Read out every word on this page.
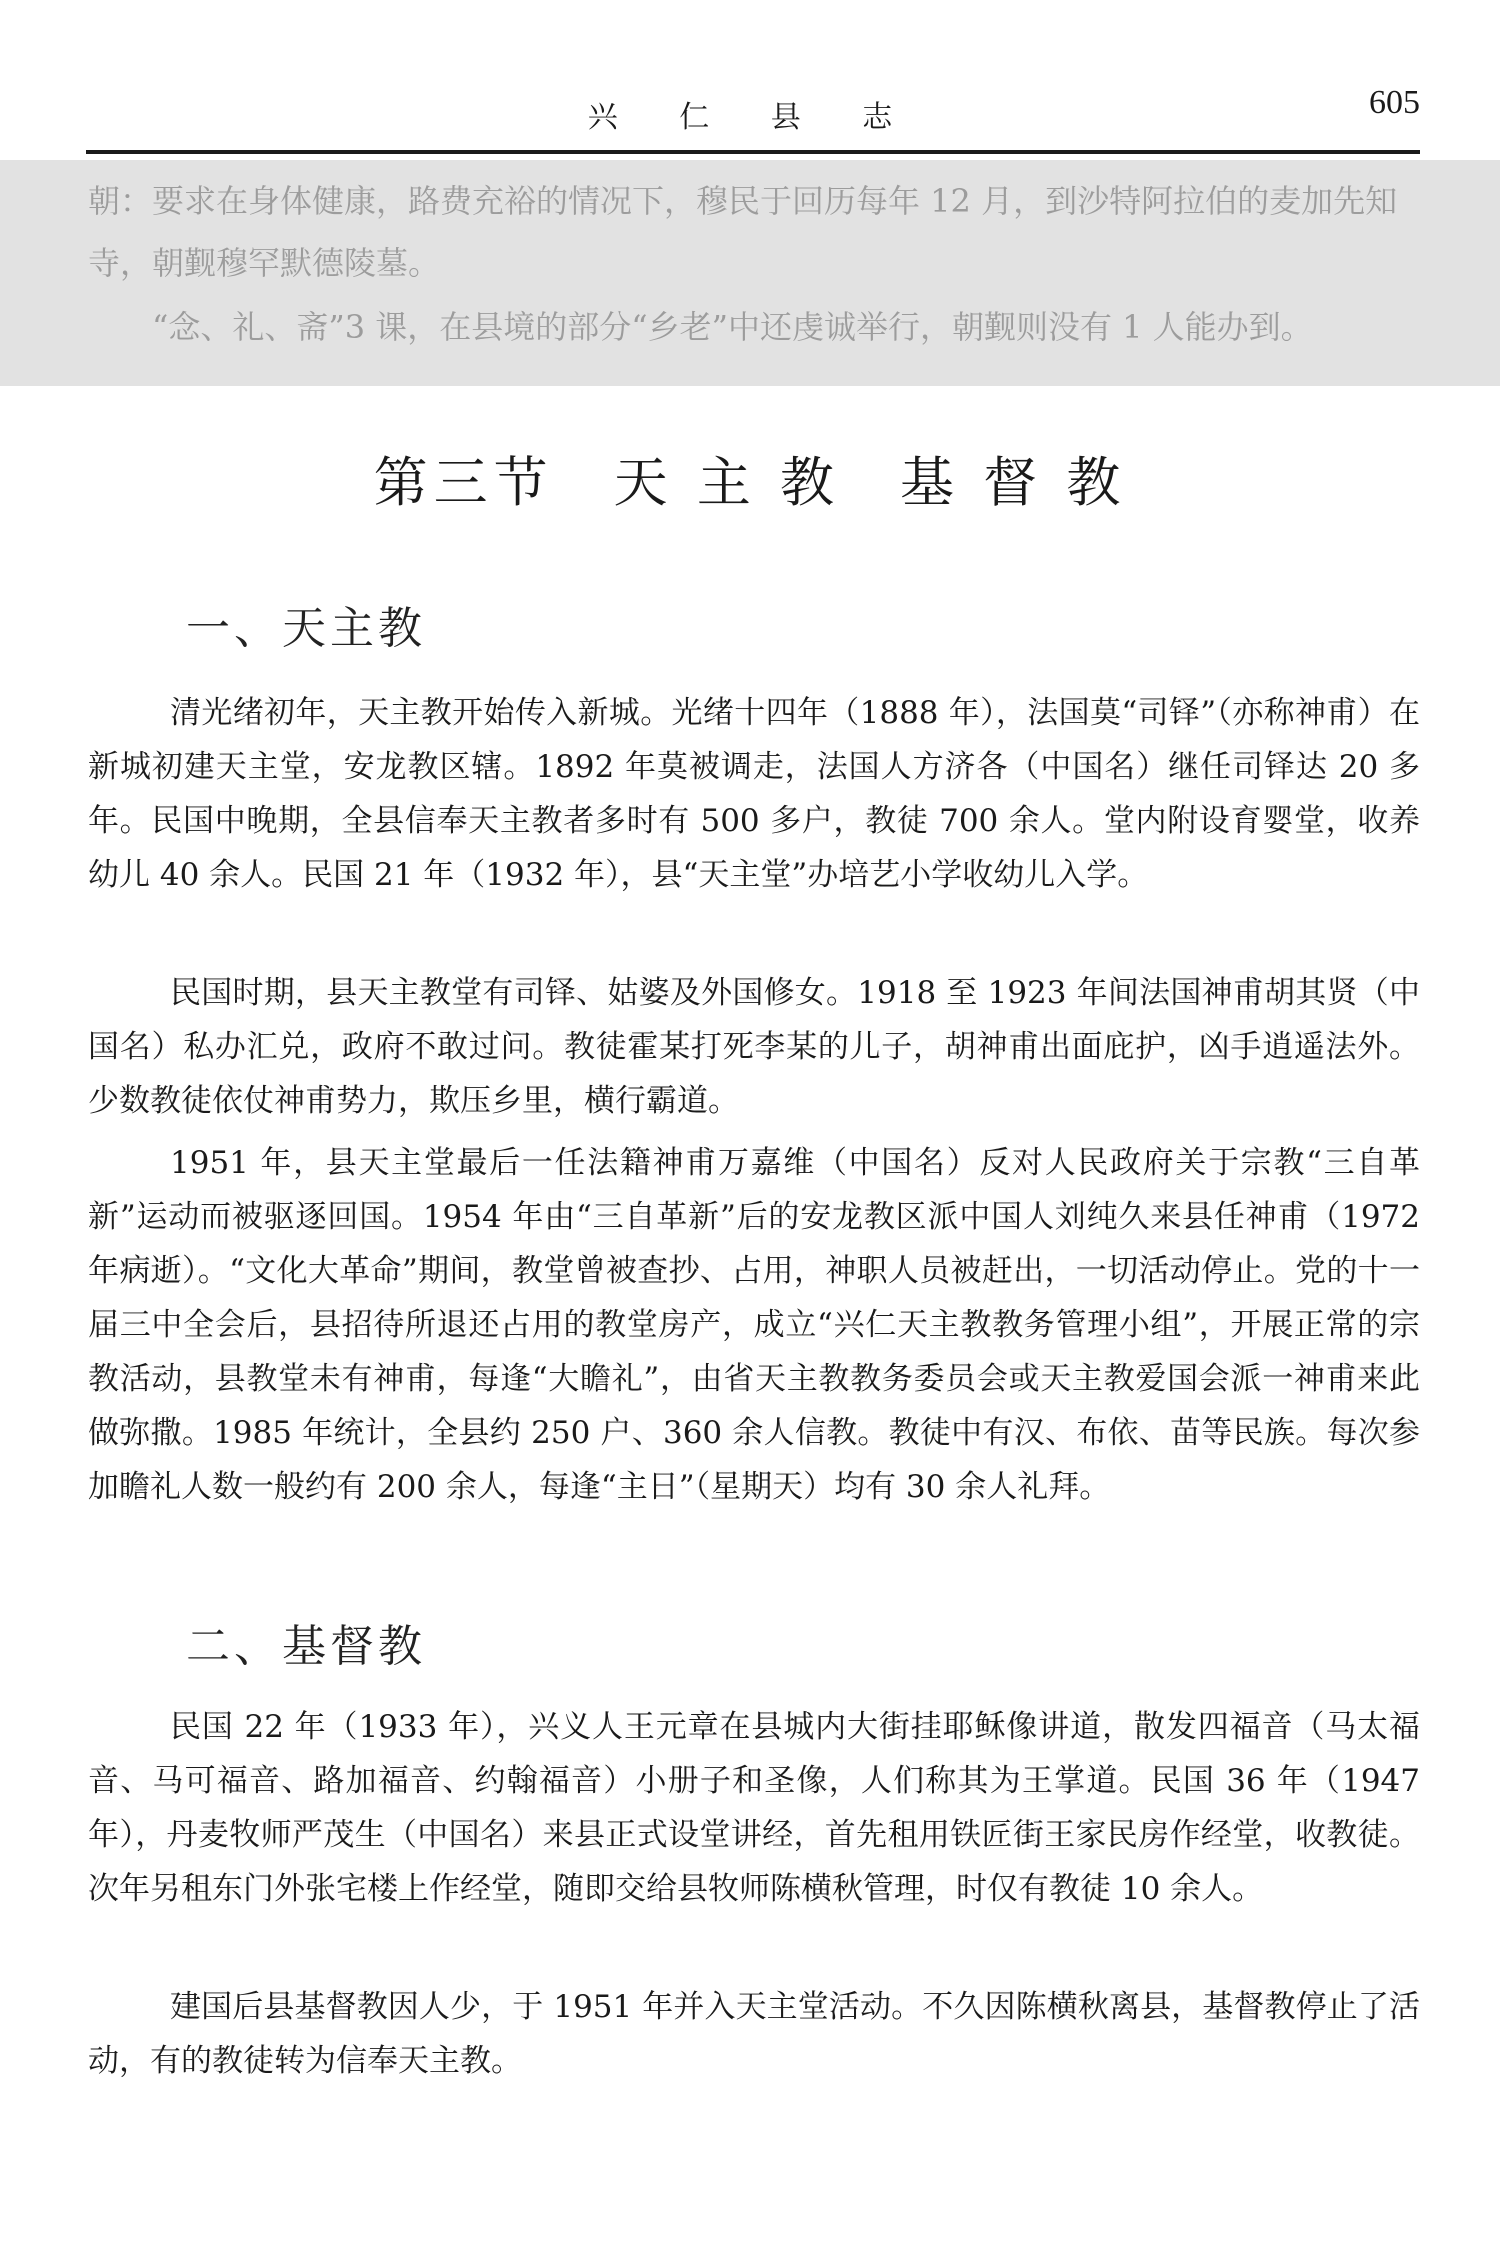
兴 仁 县 志	605

朝：要求在身体健康，路费充裕的情况下，穆民于回历每年 12 月，到沙特阿拉伯的麦加先知寺，朝觐穆罕默德陵墓。

“念、礼、斋”3 课，在县境的部分“乡老”中还虔诚举行，朝觐则没有 1 人能办到。

第三节　天 主 教　基 督 教
一、天主教

清光绪初年，天主教开始传入新城。光绪十四年（1888 年），法国莫“司铎”（亦称神甫）在新城初建天主堂，安龙教区辖。1892 年莫被调走，法国人方济各（中国名）继任司铎达 20 多年。民国中晚期，全县信奉天主教者多时有 500 多户，教徒 700 余人。堂内附设育婴堂，收养幼儿 40 余人。民国 21 年（1932 年），县“天主堂”办培艺小学收幼儿入学。

民国时期，县天主教堂有司铎、姑婆及外国修女。1918 至 1923 年间法国神甫胡其贤（中国名）私办汇兑，政府不敢过问。教徒霍某打死李某的儿子，胡神甫出面庇护，凶手逍遥法外。少数教徒依仗神甫势力，欺压乡里，横行霸道。

1951 年，县天主堂最后一任法籍神甫万嘉维（中国名）反对人民政府关于宗教“三自革新”运动而被驱逐回国。1954 年由“三自革新”后的安龙教区派中国人刘纯久来县任神甫（1972 年病逝）。“文化大革命”期间，教堂曾被查抄、占用，神职人员被赶出，一切活动停止。党的十一届三中全会后，县招待所退还占用的教堂房产，成立“兴仁天主教教务管理小组”，开展正常的宗教活动，县教堂未有神甫，每逢“大瞻礼”，由省天主教教务委员会或天主教爱国会派一神甫来此做弥撒。1985 年统计，全县约 250 户、360 余人信教。教徒中有汉、布依、苗等民族。每次参加瞻礼人数一般约有 200 余人，每逢“主日”（星期天）均有 30 余人礼拜。

二、基督教

民国 22 年（1933 年），兴义人王元章在县城内大街挂耶稣像讲道，散发四福音（马太福音、马可福音、路加福音、约翰福音）小册子和圣像，人们称其为王掌道。民国 36 年（1947 年），丹麦牧师严茂生（中国名）来县正式设堂讲经，首先租用铁匠街王家民房作经堂，收教徒。次年另租东门外张宅楼上作经堂，随即交给县牧师陈横秋管理，时仅有教徒 10 余人。

建国后县基督教因人少，于 1951 年并入天主堂活动。不久因陈横秋离县，基督教停止了活动，有的教徒转为信奉天主教。
